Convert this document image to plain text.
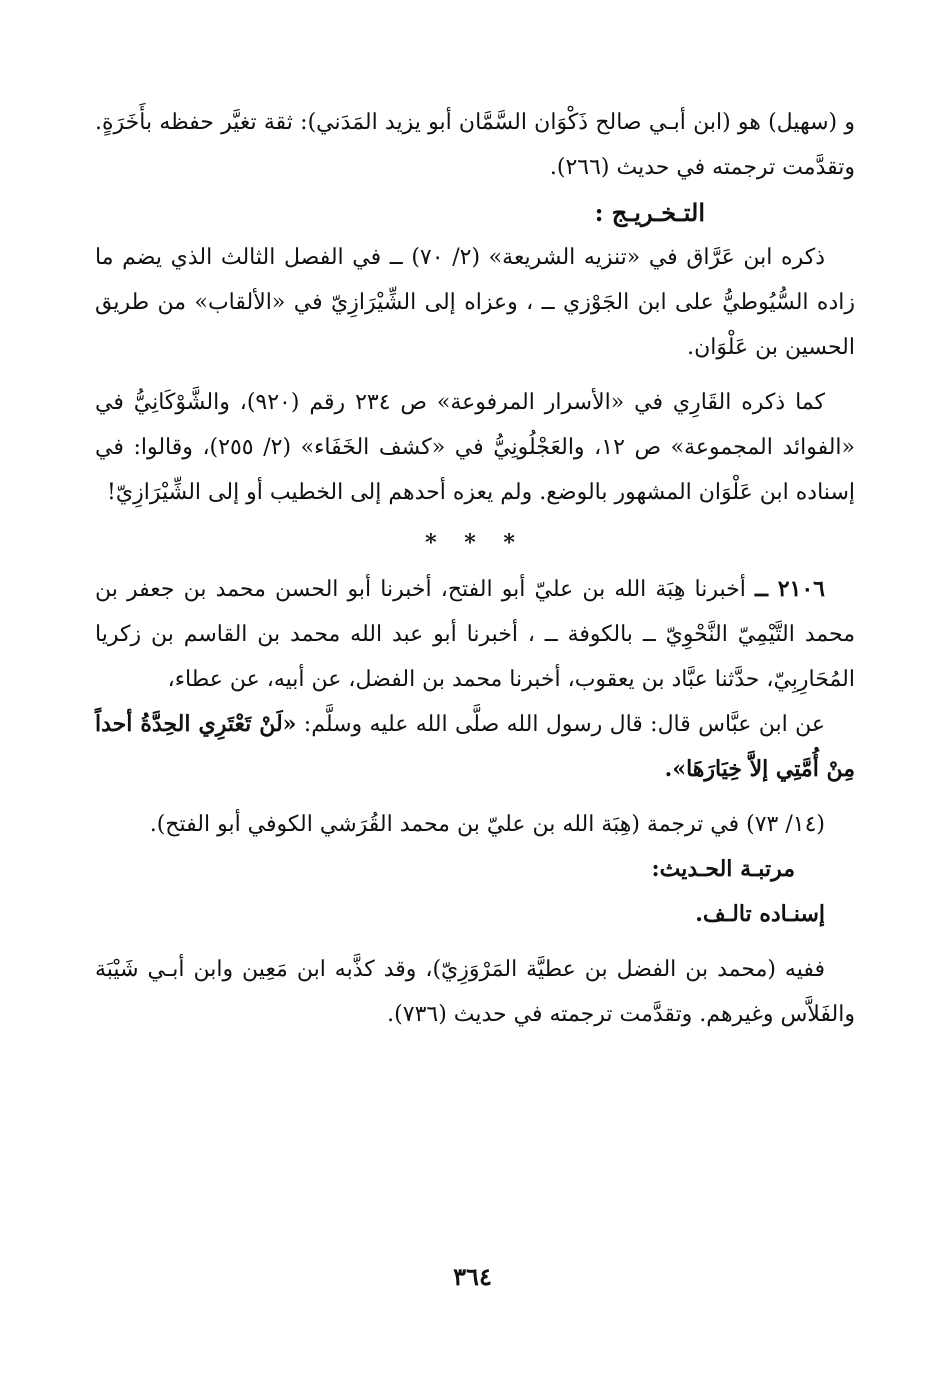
و (سهيل) هو (ابن أبـي صالح ذَكْوَان السَّمَّان أبو يزيد المَدَني): ثقة تغيَّر حفظه بأَخَرَةٍ. وتقدَّمت ترجمته في حديث (٢٦٦).

التـخـريـج :

ذكره ابن عَرَّاق في «تنزيه الشريعة» (٢/ ٧٠) ــ في الفصل الثالث الذي يضم ما زاده السُّيُوطيُّ على ابن الجَوْزي ــ ، وعزاه إلى الشِّيْرَازِيّ في «الألقاب» من طريق الحسين بن عَلْوَان.

كما ذكره القَارِي في «الأسرار المرفوعة» ص ٢٣٤ رقم (٩٢٠)، والشَّوْكَانِيُّ في «الفوائد المجموعة» ص ١٢، والعَجْلُونِيُّ في «كشف الخَفَاء» (٢/ ٢٥٥)، وقالوا: في إسناده ابن عَلْوَان المشهور بالوضع. ولم يعزه أحدهم إلى الخطيب أو إلى الشِّيْرَازِيّ!

* * *

٢١٠٦ ــ أخبرنا هِبَة الله بن عليّ أبو الفتح، أخبرنا أبو الحسن محمد بن جعفر بن محمد التَّيْمِيّ النَّحْوِيّ ــ بالكوفة ــ ، أخبرنا أبو عبد الله محمد بن القاسم بن زكريا المُحَارِبِيّ، حدَّثنا عبَّاد بن يعقوب، أخبرنا محمد بن الفضل، عن أبيه، عن عطاء،

عن ابن عبَّاس قال: قال رسول الله صلَّى الله عليه وسلَّم: «لَنْ تَعْتَرِي الحِدَّةُ أحداً مِنْ أُمَّتِي إلاَّ خِيَارَهَا».

(١٤/ ٧٣) في ترجمة (هِبَة الله بن عليّ بن محمد القُرَشي الكوفي أبو الفتح).

مرتبـة الحـديث:

إسنـاده تالـف.

ففيه (محمد بن الفضل بن عطيَّة المَرْوَزِيّ)، وقد كذَّبه ابن مَعِين وابن أبـي شَيْبَة والفَلاَّس وغيرهم. وتقدَّمت ترجمته في حديث (٧٣٦).

٣٦٤
